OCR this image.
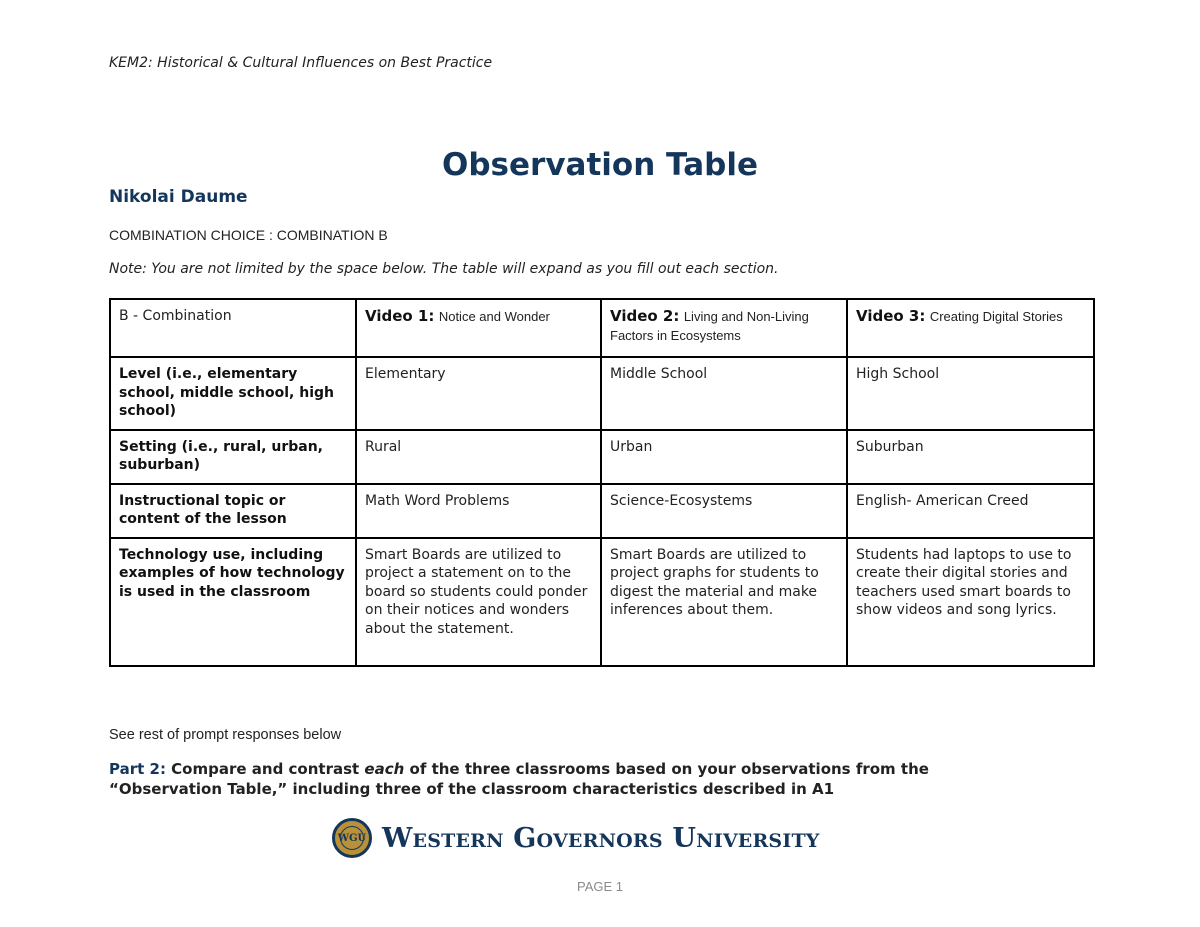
KEM2: Historical & Cultural Influences on Best Practice
Observation Table
Nikolai Daume
COMBINATION CHOICE : COMBINATION B
Note: You are not limited by the space below. The table will expand as you fill out each section.
B - Combination	Video 1: Notice and Wonder	Video 2: Living and Non-Living Factors in Ecosystems	Video 3: Creating Digital Stories
Level (i.e., elementary school, middle school, high school)	Elementary	Middle School	High School
Setting (i.e., rural, urban, suburban)	Rural	Urban	Suburban
Instructional topic or content of the lesson	Math Word Problems	Science-Ecosystems	English- American Creed
Technology use, including examples of how technology is used in the classroom	Smart Boards are utilized to project a statement on to the board so students could ponder on their notices and wonders about the statement.	Smart Boards are utilized to project graphs for students to digest the material and make inferences about them.	Students had laptops to use to create their digital stories and teachers used smart boards to show videos and song lyrics.
See rest of prompt responses below
Part 2: Compare and contrast each of the three classrooms based on your observations from the “Observation Table,” including three of the classroom characteristics described in A1
WGU Western Governors University
PAGE 1
